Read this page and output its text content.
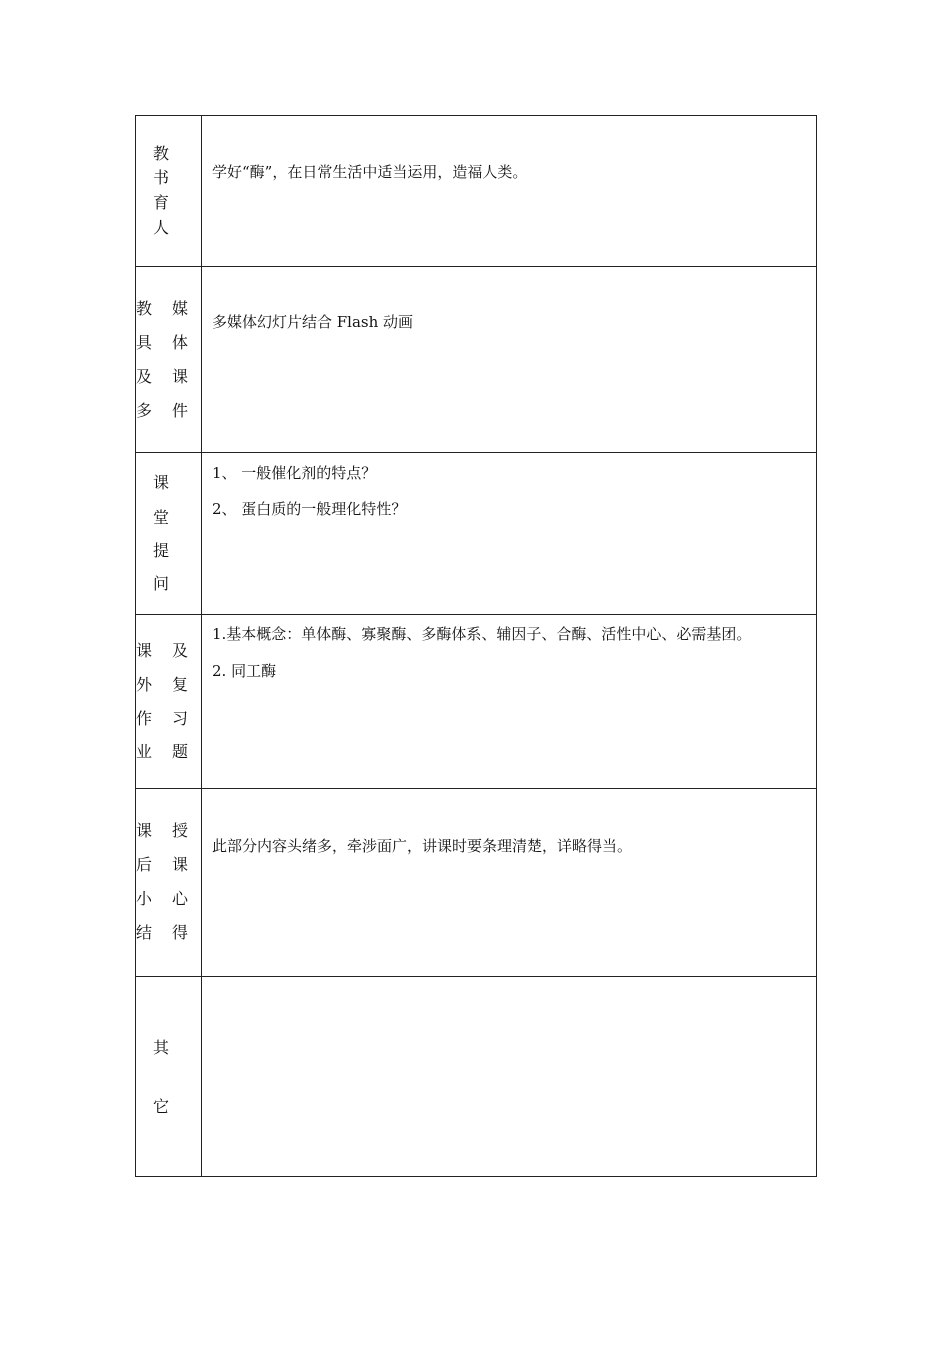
教
书
育
人
学好“酶”，在日常生活中适当运用，造福人类。
教
具
及
多
媒
体
课
件
多媒体幻灯片结合 Flash 动画
课
堂
提
问
1、 一般催化剂的特点？
2、 蛋白质的一般理化特性？
课
外
作
业
及
复
习
题
1.基本概念：单体酶、寡聚酶、多酶体系、辅因子、合酶、活性中心、必需基团。
2. 同工酶
课
后
小
结
授
课
心
得
此部分内容头绪多，牵涉面广，讲课时要条理清楚，详略得当。
其
它
